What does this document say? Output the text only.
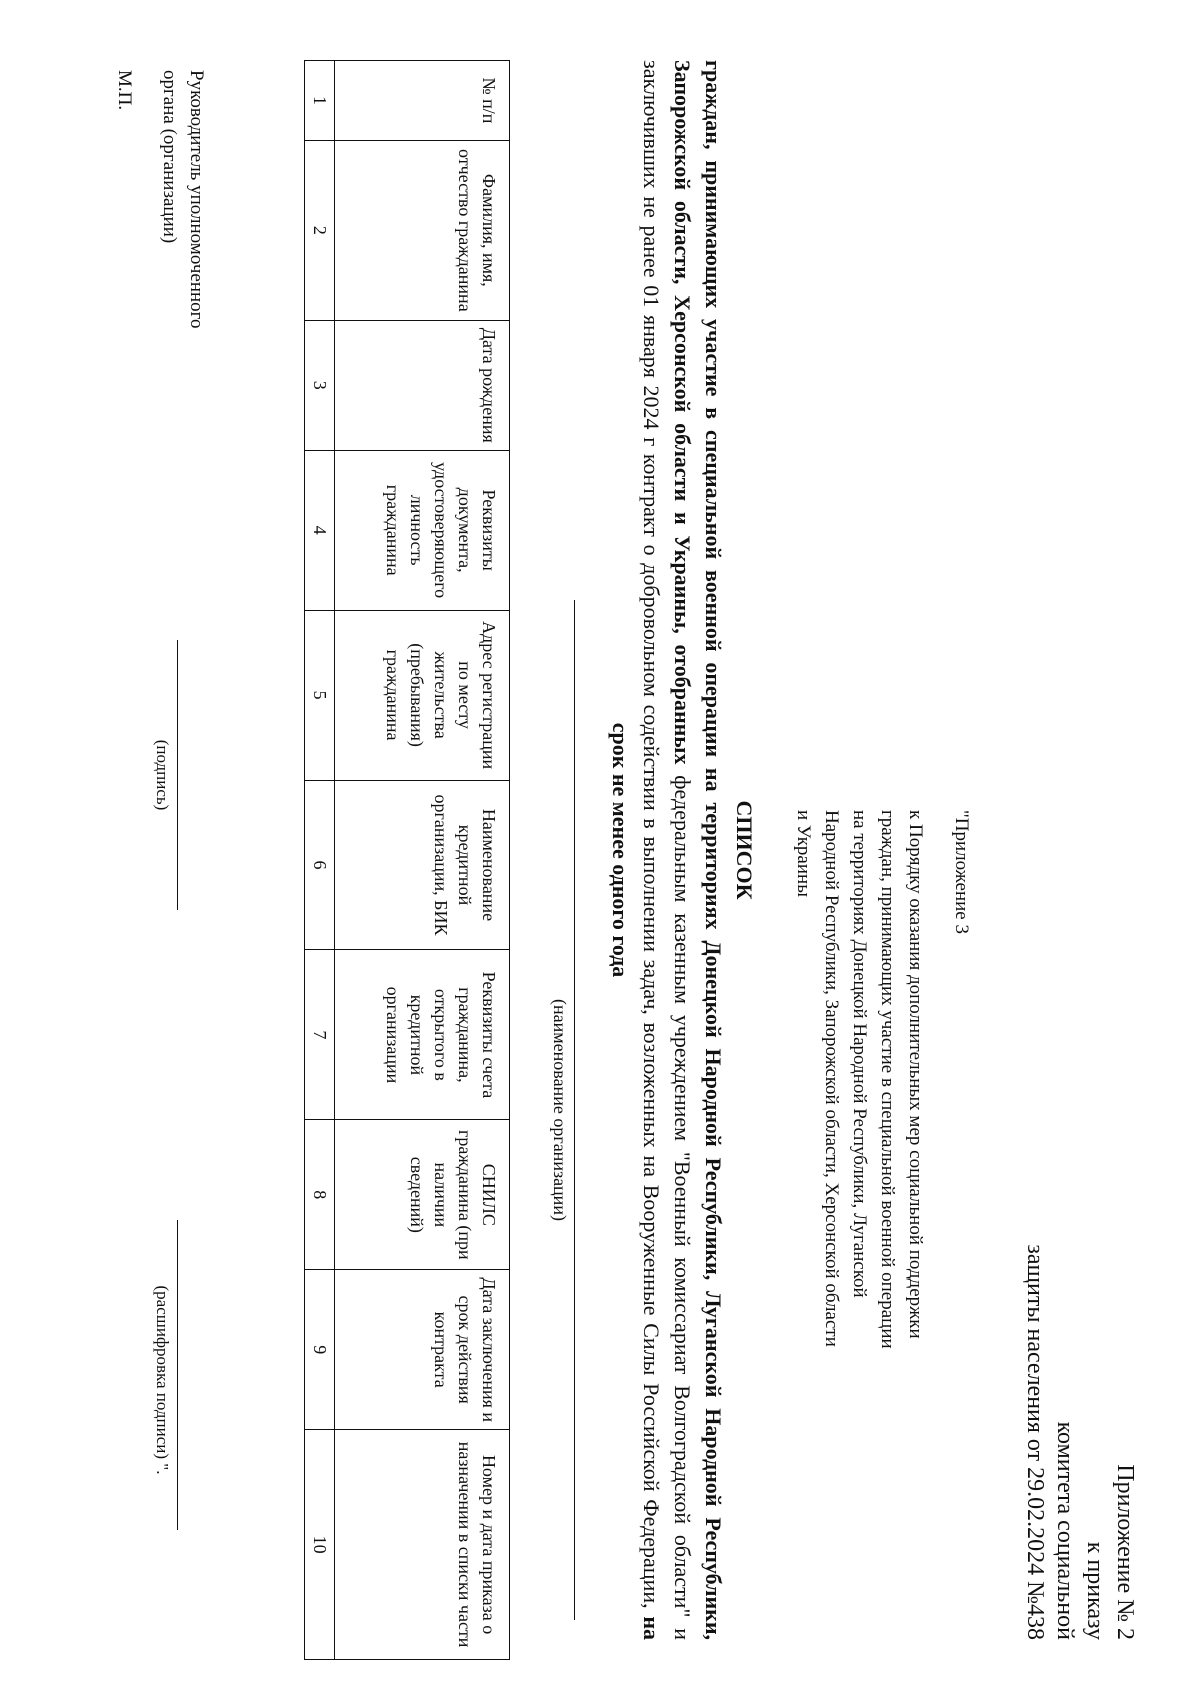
Приложение № 2
к приказу
комитета социальной
защиты населения от 29.02.2024 №438
"Приложение 3
к Порядку оказания дополнительных мер социальной поддержки граждан, принимающих участие в специальной военной операции на территориях Донецкой Народной Республики, Луганской Народной Республики, Запорожской области, Херсонской области и Украины
СПИСОК
граждан, принимающих участие в специальной военной операции на территориях Донецкой Народной Республики, Луганской Народной Республики, Запорожской области, Херсонской области и Украины, отобранных федеральным казенным учреждением "Военный комиссариат Волгоградской области" и заключивших не ранее 01 января 2024 г контракт о добровольном содействии в выполнении задач, возложенных на Вооруженные Силы Российской Федерации, на срок не менее одного года
(наименование организации)
№ п/п	Фамилия, имя, отчество гражданина	Дата рождения	Реквизиты документа, удостоверяющего личность гражданина	Адрес регистрации по месту жительства (пребывания) гражданина	Наименование кредитной организации, БИК	Реквизиты счета гражданина, открытого в кредитной организации	СНИЛС гражданина (при наличии сведений)	Дата заключения и срок действия контракта	Номер и дата приказа о назначении в списки части
1	2	3	4	5	6	7	8	9	10
Руководитель уполномоченного
органа (организации)
М.П.
(подпись)
(расшифровка подписи) ".
